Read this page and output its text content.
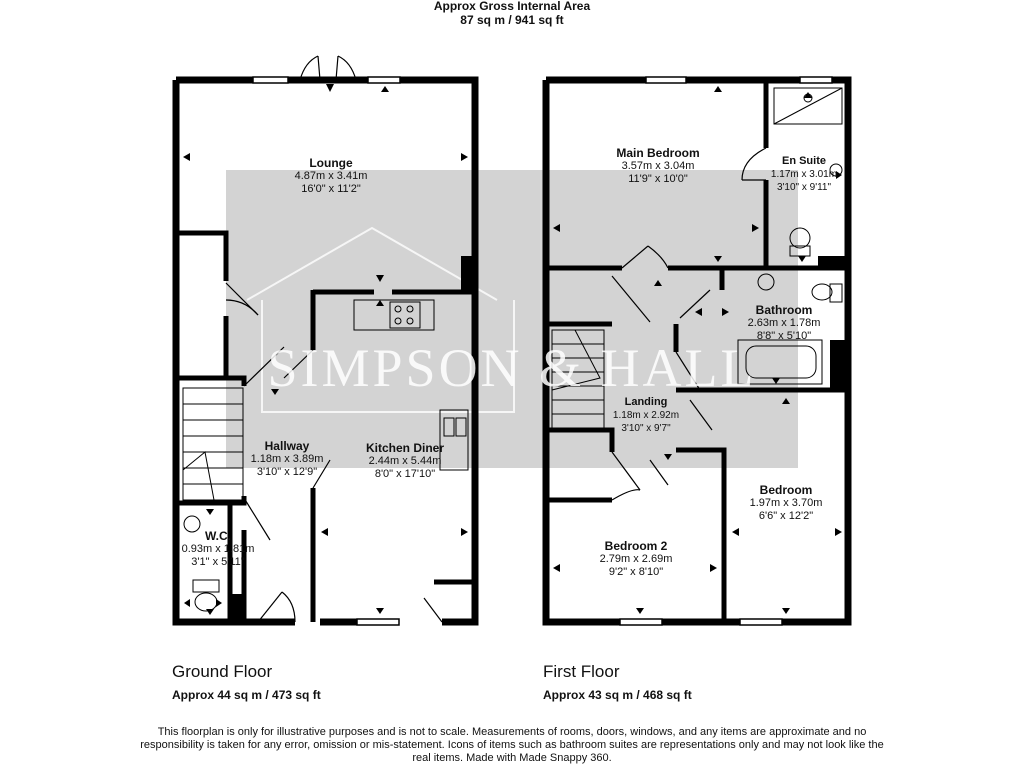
Approx Gross Internal Area
87 sq m / 941 sq ft
SIMPSON & HALL
Lounge
4.87m x 3.41m
16'0" x 11'2"
Hallway
1.18m x 3.89m
3'10" x 12'9"
Kitchen Diner
2.44m x 5.44m
8'0" x 17'10"
W.C.
0.93m x 1.81m
3'1" x 5'11"
Main Bedroom
3.57m x 3.04m
11'9" x 10'0"
En Suite
1.17m x 3.01m
3'10" x 9'11"
Bathroom
2.63m x 1.78m
8'8" x 5'10"
Landing
1.18m x 2.92m
3'10" x 9'7"
Bedroom
1.97m x 3.70m
6'6" x 12'2"
Bedroom 2
2.79m x 2.69m
9'2" x 8'10"
Ground Floor
Approx 44 sq m / 473 sq ft
First Floor
Approx 43 sq m / 468 sq ft
This floorplan is only for illustrative purposes and is not to scale. Measurements of rooms, doors, windows, and any items are approximate and no responsibility is taken for any error, omission or mis-statement. Icons of items such as bathroom suites are representations only and may not look like the real items. Made with Made Snappy 360.
